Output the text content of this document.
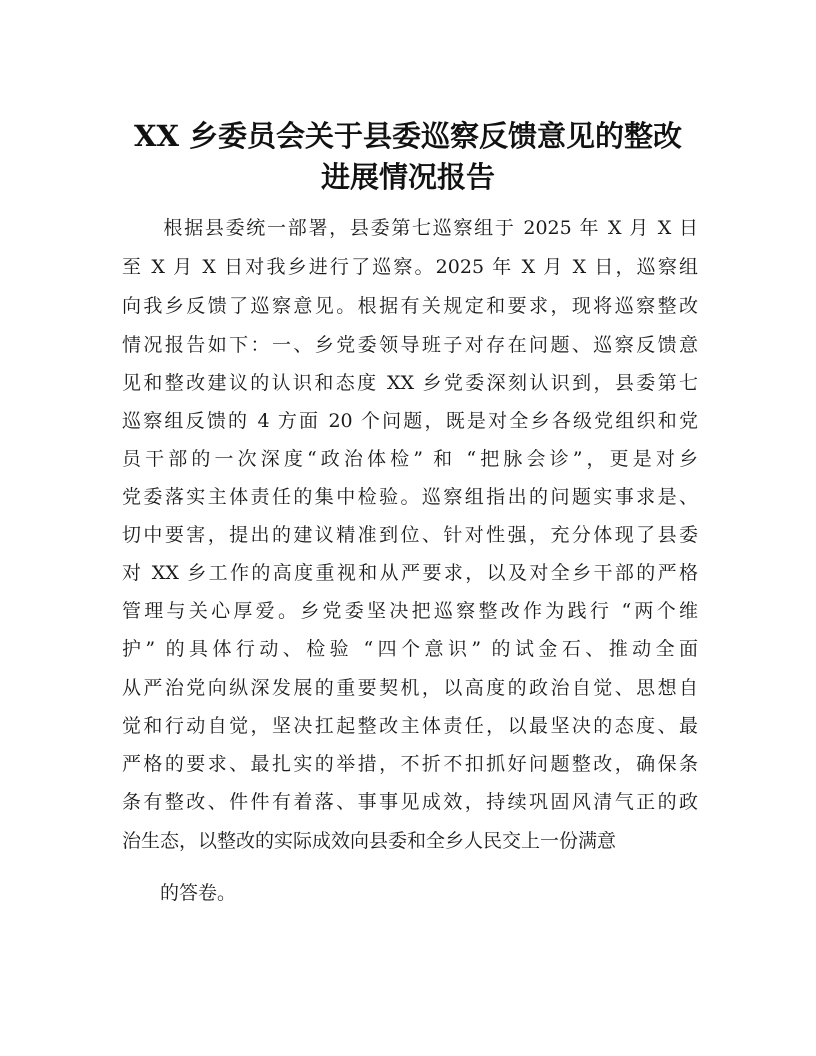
XX 乡委员会关于县委巡察反馈意见的整改
进展情况报告

　　根据县委统一部署，县委第七巡察组于 2025 年 X 月 X 日

至 X 月 X 日对我乡进行了巡察。2025 年 X 月 X 日，巡察组

向我乡反馈了巡察意见。根据有关规定和要求，现将巡察整改

情况报告如下：一、乡党委领导班子对存在问题、巡察反馈意

见和整改建议的认识和态度 XX 乡党委深刻认识到，县委第七

巡察组反馈的 4 方面 20 个问题，既是对全乡各级党组织和党

员干部的一次深度“政治体检” 和 “把脉会诊”，更是对乡

党委落实主体责任的集中检验。巡察组指出的问题实事求是、

切中要害，提出的建议精准到位、针对性强，充分体现了县委

对 XX 乡工作的高度重视和从严要求，以及对全乡干部的严格

管理与关心厚爱。乡党委坚决把巡察整改作为践行 “两个维

护” 的具体行动、检验 “四个意识” 的试金石、推动全面

从严治党向纵深发展的重要契机，以高度的政治自觉、思想自

觉和行动自觉，坚决扛起整改主体责任，以最坚决的态度、最

严格的要求、最扎实的举措，不折不扣抓好问题整改，确保条

条有整改、件件有着落、事事见成效，持续巩固风清气正的政

治生态，以整改的实际成效向县委和全乡人民交上一份满意

　　的答卷。
